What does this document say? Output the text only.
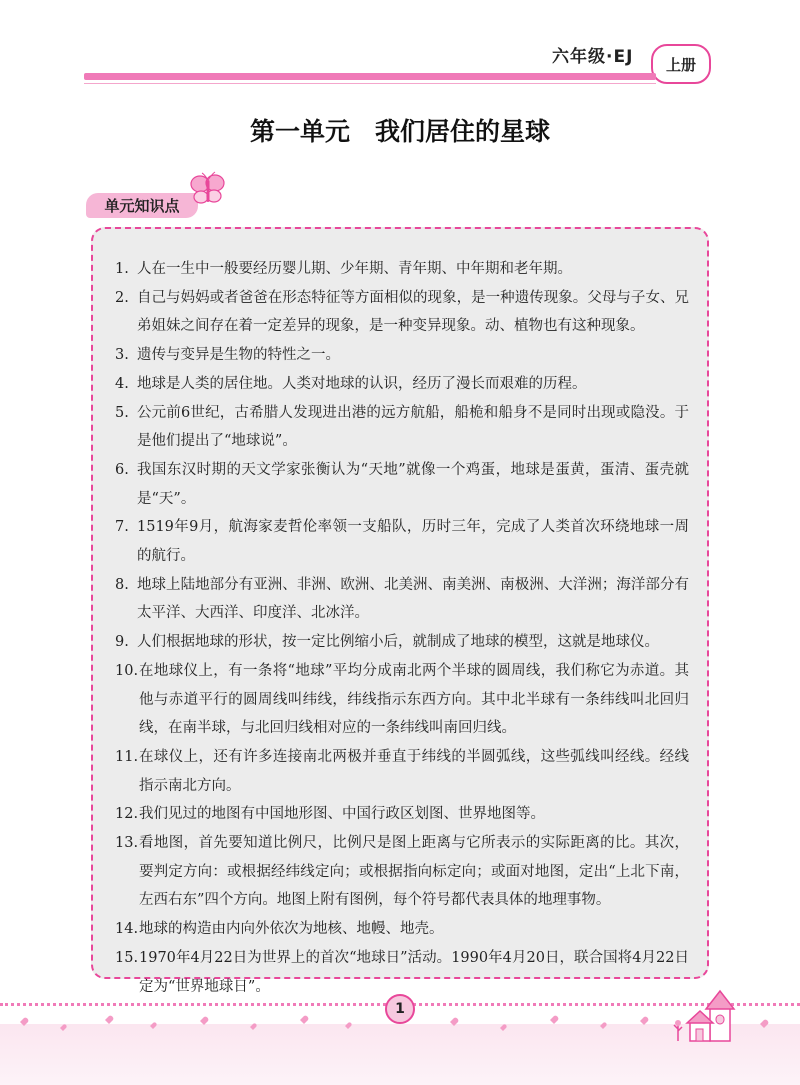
六年级·EJ	上册
第一单元　我们居住的星球
单元知识点
1. 人在一生中一般要经历婴儿期、少年期、青年期、中年期和老年期。
2. 自己与妈妈或者爸爸在形态特征等方面相似的现象，是一种遗传现象。父母与子女、兄弟姐妹之间存在着一定差异的现象，是一种变异现象。动、植物也有这种现象。
3. 遗传与变异是生物的特性之一。
4. 地球是人类的居住地。人类对地球的认识，经历了漫长而艰难的历程。
5. 公元前6世纪，古希腊人发现进出港的远方航船，船桅和船身不是同时出现或隐没。于是他们提出了“地球说”。
6. 我国东汉时期的天文学家张衡认为“天地”就像一个鸡蛋，地球是蛋黄，蛋清、蛋壳就是“天”。
7. 1519年9月，航海家麦哲伦率领一支船队，历时三年，完成了人类首次环绕地球一周的航行。
8. 地球上陆地部分有亚洲、非洲、欧洲、北美洲、南美洲、南极洲、大洋洲；海洋部分有太平洋、大西洋、印度洋、北冰洋。
9. 人们根据地球的形状，按一定比例缩小后，就制成了地球的模型，这就是地球仪。
10. 在地球仪上，有一条将“地球”平均分成南北两个半球的圆周线，我们称它为赤道。其他与赤道平行的圆周线叫纬线，纬线指示东西方向。其中北半球有一条纬线叫北回归线，在南半球，与北回归线相对应的一条纬线叫南回归线。
11. 在球仪上，还有许多连接南北两极并垂直于纬线的半圆弧线，这些弧线叫经线。经线指示南北方向。
12. 我们见过的地图有中国地形图、中国行政区划图、世界地图等。
13. 看地图，首先要知道比例尺，比例尺是图上距离与它所表示的实际距离的比。其次，要判定方向：或根据经纬线定向；或根据指向标定向；或面对地图，定出“上北下南，左西右东”四个方向。地图上附有图例，每个符号都代表具体的地理事物。
14. 地球的构造由内向外依次为地核、地幔、地壳。
15. 1970年4月22日为世界上的首次“地球日”活动。1990年4月20日，联合国将4月22日定为“世界地球日”。
1
